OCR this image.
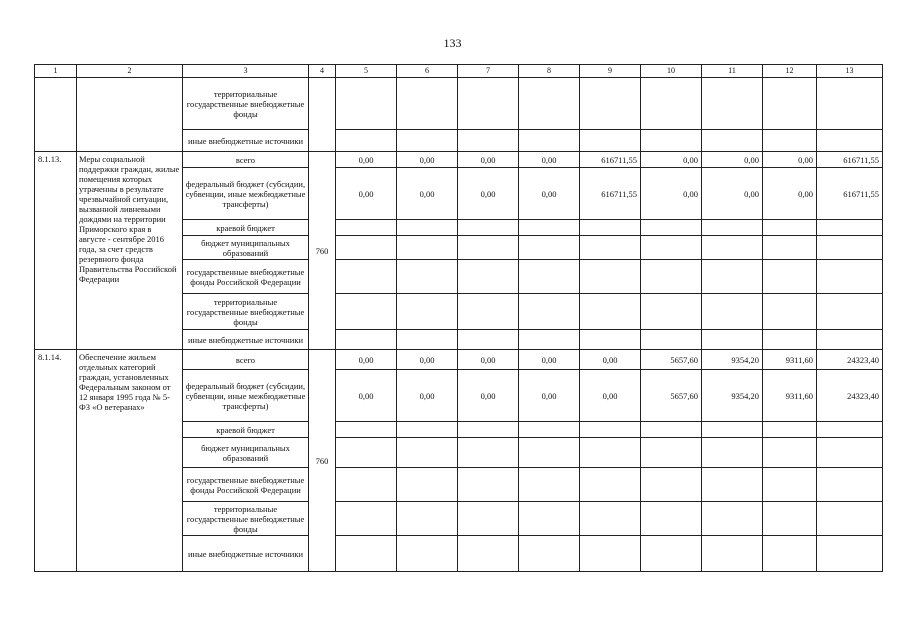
133
1	2	3	4	5	6	7	8	9	10	11	12	13
		территориальные государственные внебюджетные фонды										
		иные внебюджетные источники										
8.1.13.	Меры социальной поддержки граждан, жилые помещения которых утраченны в результате чрезвычайной ситуации, вызванной ливневыми дождями на территории Приморского края в августе - сентябре 2016 года, за счет средств резервного фонда Правительства Российской Федерации	всего	760	0,00	0,00	0,00	0,00	616711,55	0,00	0,00	0,00	616711,55
		федеральный бюджет (субсидии, субвенции, иные межбюджетные трансферты)		0,00	0,00	0,00	0,00	616711,55	0,00	0,00	0,00	616711,55
		краевой бюджет										
		бюджет муниципальных образований										
		государственные внебюджетные фонды Российской Федерации										
		территориальные государственные внебюджетные фонды										
		иные внебюджетные источники										
8.1.14.	Обеспечение жильем отдельных категорий граждан, установленных Федеральным законом от 12 января 1995 года № 5-ФЗ «О ветеранах»	всего	760	0,00	0,00	0,00	0,00	0,00	5657,60	9354,20	9311,60	24323,40
		федеральный бюджет (субсидии, субвенции, иные межбюджетные трансферты)		0,00	0,00	0,00	0,00	0,00	5657,60	9354,20	9311,60	24323,40
		краевой бюджет										
		бюджет муниципальных образований										
		государственные внебюджетные фонды Российской Федерации										
		территориальные государственные внебюджетные фонды										
		иные внебюджетные источники										
